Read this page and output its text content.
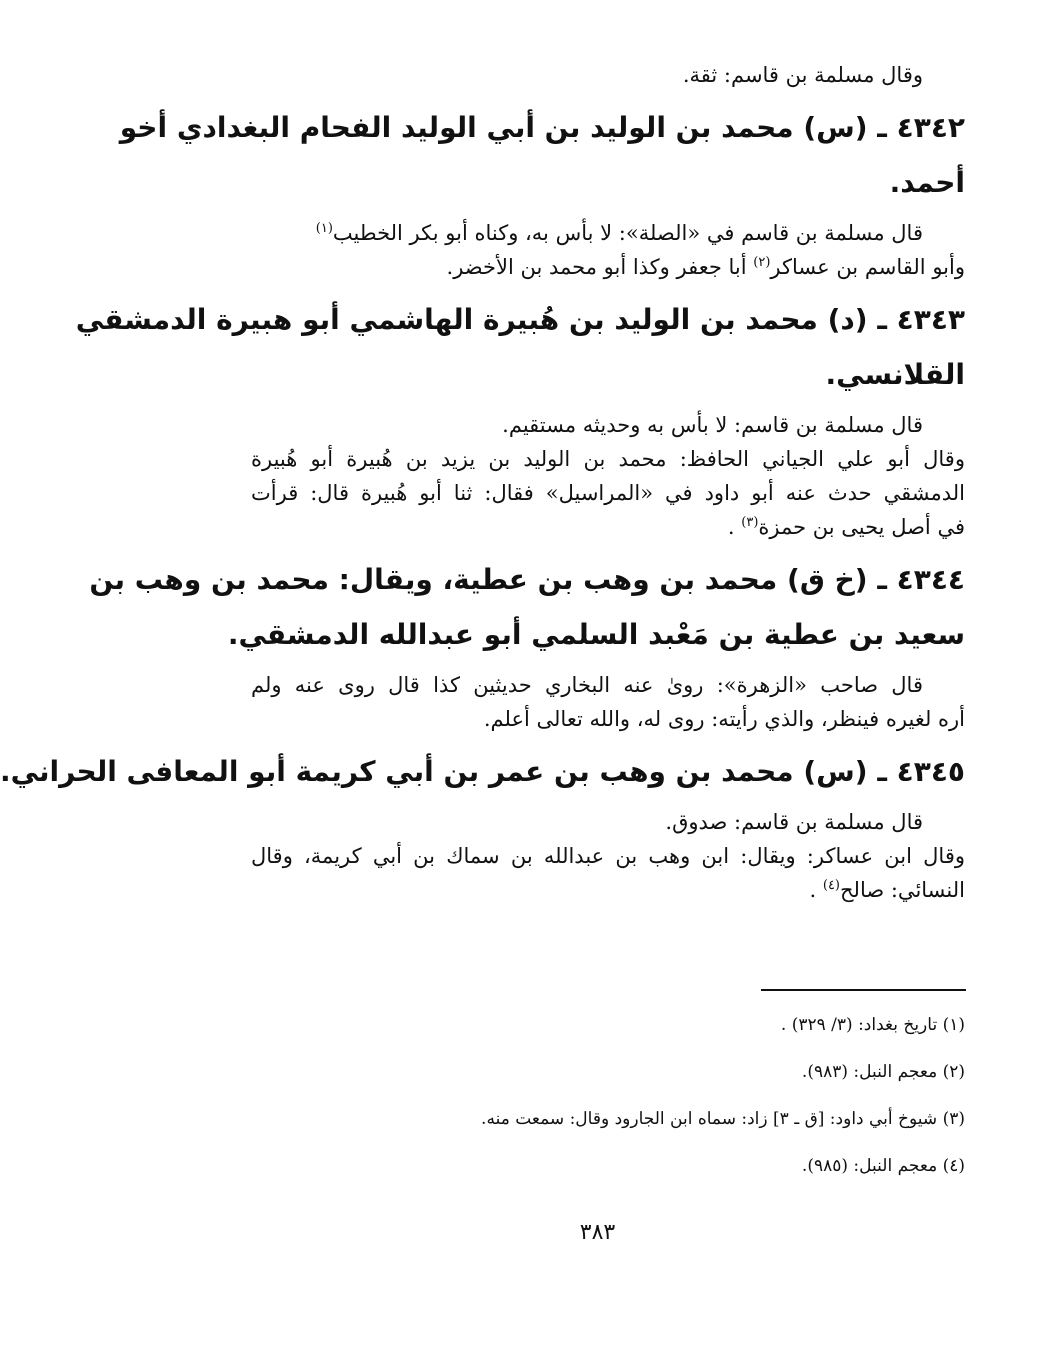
وقال مسلمة بن قاسم: ثقة.
٤٣٤٢ ـ (س) محمد بن الوليد بن أبي الوليد الفحام البغدادي أخو
أحمد.
قال مسلمة بن قاسم في «الصلة»: لا بأس به، وكناه أبو بكر الخطيب$^{(١)}$
وأبو القاسم بن عساكر$^{(٢)}$ أبا جعفر وكذا أبو محمد بن الأخضر.
٤٣٤٣ ـ (د) محمد بن الوليد بن هُبيرة الهاشمي أبو هبيرة الدمشقي
القلانسي.
قال مسلمة بن قاسم: لا بأس به وحديثه مستقيم.
وقال أبو علي الجياني الحافظ: محمد بن الوليد بن يزيد بن هُبيرة أبو هُبيرة
الدمشقي حدث عنه أبو داود في «المراسيل» فقال: ثنا أبو هُبيرة قال: قرأت
في أصل يحيى بن حمزة$^{(٣)}$ .
٤٣٤٤ ـ (خ ق) محمد بن وهب بن عطية، ويقال: محمد بن وهب بن
سعيد بن عطية بن مَعْبد السلمي أبو عبدالله الدمشقي.
قال صاحب «الزهرة»: روىٰ عنه البخاري حديثين كذا قال روى عنه ولم
أره لغيره فينظر، والذي رأيته: روى له، والله تعالى أعلم.
٤٣٤٥ ـ (س) محمد بن وهب بن عمر بن أبي كريمة أبو المعافى الحراني.
قال مسلمة بن قاسم: صدوق.
وقال ابن عساكر: ويقال: ابن وهب بن عبدالله بن سماك بن أبي كريمة، وقال
النسائي: صالح$^{(٤)}$ .
(١) تاريخ بغداد: (٣/ ٣٢٩) .
(٢) معجم النبل: (٩٨٣).
(٣) شيوخ أبي داود: [ق ـ ٣] زاد: سماه ابن الجارود وقال: سمعت منه.
(٤) معجم النبل: (٩٨٥).
٣٨٣
